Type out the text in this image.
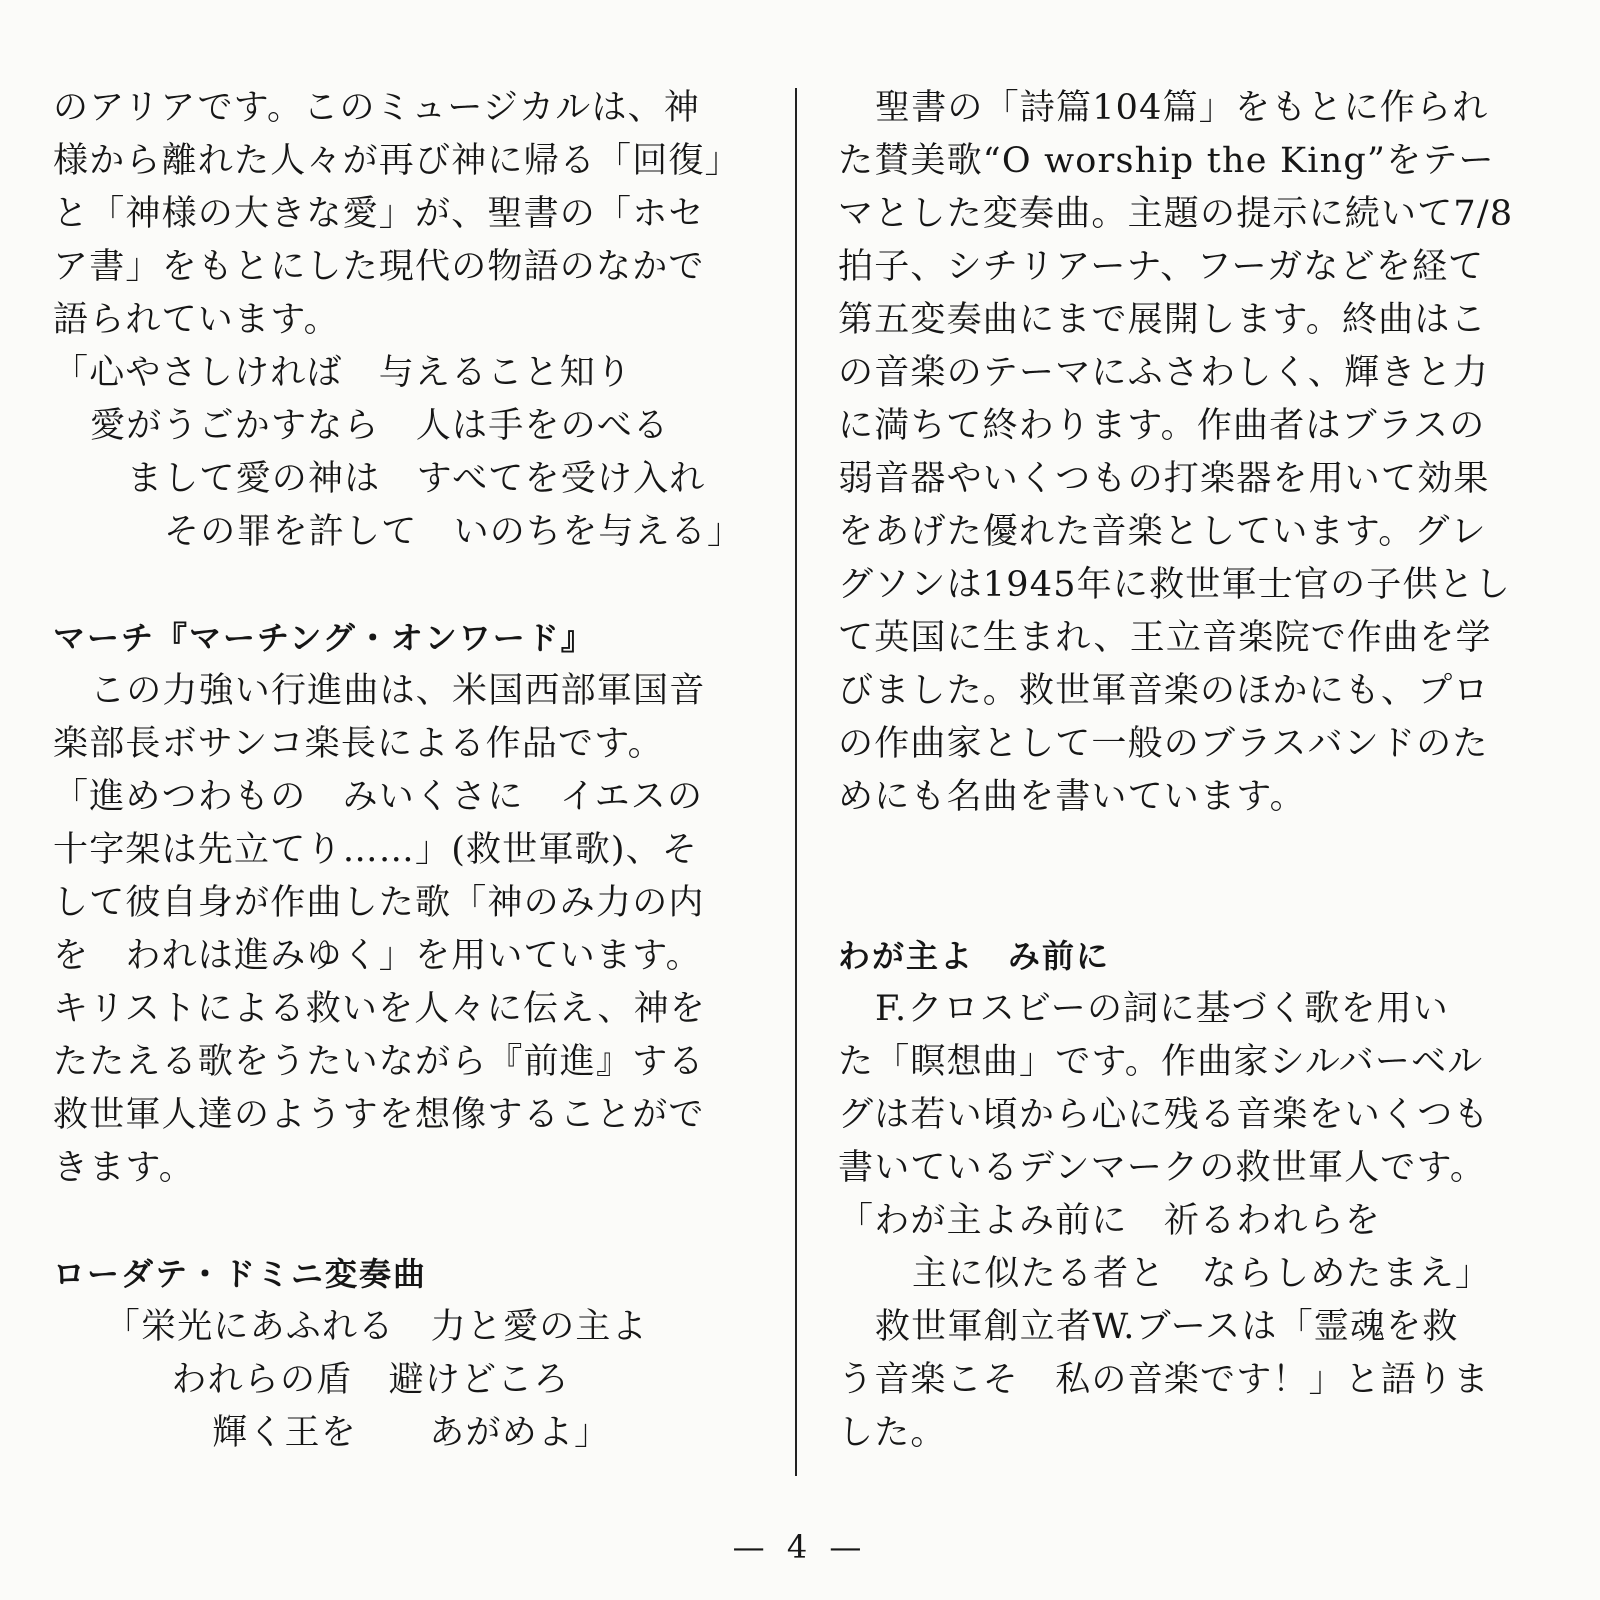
のアリアです。このミュージカルは、神
様から離れた人々が再び神に帰る「回復」
と「神様の大きな愛」が、聖書の「ホセ
ア書」をもとにした現代の物語のなかで
語られています。
「心やさしければ　与えること知り
愛がうごかすなら　人は手をのべる
まして愛の神は　すべてを受け入れ
その罪を許して　いのちを与える」
マーチ『マーチング・オンワード』
この力強い行進曲は、米国西部軍国音
楽部長ボサンコ楽長による作品です。
「進めつわもの　みいくさに　イエスの
十字架は先立てり……」(救世軍歌)、そ
して彼自身が作曲した歌「神のみ力の内
を　われは進みゆく」を用いています。
キリストによる救いを人々に伝え、神を
たたえる歌をうたいながら『前進』する
救世軍人達のようすを想像することがで
きます。
ローダテ・ドミニ変奏曲
「栄光にあふれる　力と愛の主よ
われらの盾　避けどころ
輝く王を　　あがめよ」
聖書の「詩篇104篇」をもとに作られ
た賛美歌“O worship the King”をテー
マとした変奏曲。主題の提示に続いて7/8
拍子、シチリアーナ、フーガなどを経て
第五変奏曲にまで展開します。終曲はこ
の音楽のテーマにふさわしく、輝きと力
に満ちて終わります。作曲者はブラスの
弱音器やいくつもの打楽器を用いて効果
をあげた優れた音楽としています。グレ
グソンは1945年に救世軍士官の子供とし
て英国に生まれ、王立音楽院で作曲を学
びました。救世軍音楽のほかにも、プロ
の作曲家として一般のブラスバンドのた
めにも名曲を書いています。
わが主よ　み前に
F.クロスビーの詞に基づく歌を用い
た「瞑想曲」です。作曲家シルバーベル
グは若い頃から心に残る音楽をいくつも
書いているデンマークの救世軍人です。
「わが主よみ前に　祈るわれらを
主に似たる者と　ならしめたまえ」
救世軍創立者W.ブースは「霊魂を救
う音楽こそ　私の音楽です！」と語りま
した。
— 4 —
